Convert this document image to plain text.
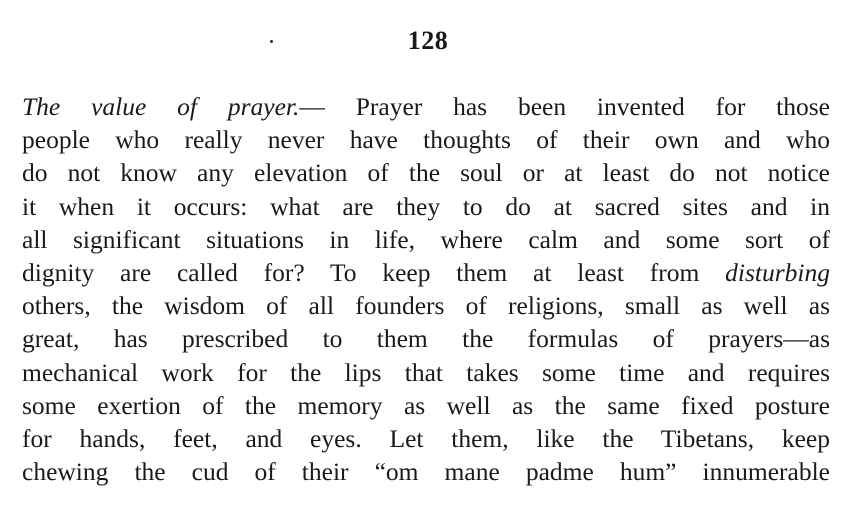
128
The value of prayer.— Prayer has been invented for those
people who really never have thoughts of their own and who
do not know any elevation of the soul or at least do not notice
it when it occurs: what are they to do at sacred sites and in
all significant situations in life, where calm and some sort of
dignity are called for? To keep them at least from disturbing
others, the wisdom of all founders of religions, small as well as
great, has prescribed to them the formulas of prayers—as
mechanical work for the lips that takes some time and requires
some exertion of the memory as well as the same fixed posture
for hands, feet, and eyes. Let them, like the Tibetans, keep
chewing the cud of their “om mane padme hum” innumerable
